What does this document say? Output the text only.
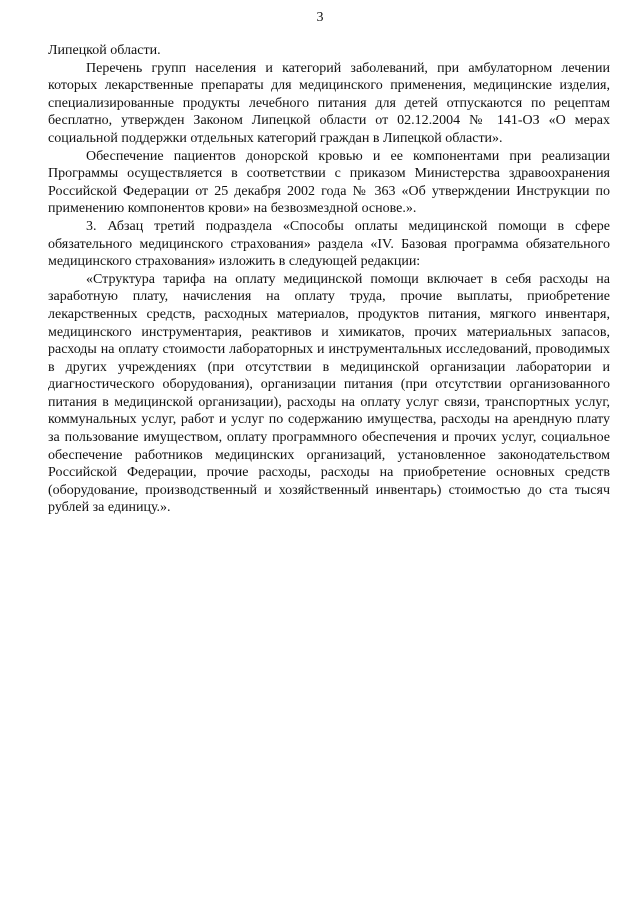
3

Липецкой области.

Перечень групп населения и категорий заболеваний, при амбулаторном лечении которых лекарственные препараты для медицинского применения, медицинские изделия, специализированные продукты лечебного питания для детей отпускаются по рецептам бесплатно, утвержден Законом Липецкой области от 02.12.2004 № 141-ОЗ «О мерах социальной поддержки отдельных категорий граждан в Липецкой области».

Обеспечение пациентов донорской кровью и ее компонентами при реализации Программы осуществляется в соответствии с приказом Министерства здравоохранения Российской Федерации от 25 декабря 2002 года № 363 «Об утверждении Инструкции по применению компонентов крови» на безвозмездной основе.».

3. Абзац третий подраздела «Способы оплаты медицинской помощи в сфере обязательного медицинского страхования» раздела «IV. Базовая программа обязательного медицинского страхования» изложить в следующей редакции:

«Структура тарифа на оплату медицинской помощи включает в себя расходы на заработную плату, начисления на оплату труда, прочие выплаты, приобретение лекарственных средств, расходных материалов, продуктов питания, мягкого инвентаря, медицинского инструментария, реактивов и химикатов, прочих материальных запасов, расходы на оплату стоимости лабораторных и инструментальных исследований, проводимых в других учреждениях (при отсутствии в медицинской организации лаборатории и диагностического оборудования), организации питания (при отсутствии организованного питания в медицинской организации), расходы на оплату услуг связи, транспортных услуг, коммунальных услуг, работ и услуг по содержанию имущества, расходы на арендную плату за пользование имуществом, оплату программного обеспечения и прочих услуг, социальное обеспечение работников медицинских организаций, установленное законодательством Российской Федерации, прочие расходы, расходы на приобретение основных средств (оборудование, производственный и хозяйственный инвентарь) стоимостью до ста тысяч рублей за единицу.».
